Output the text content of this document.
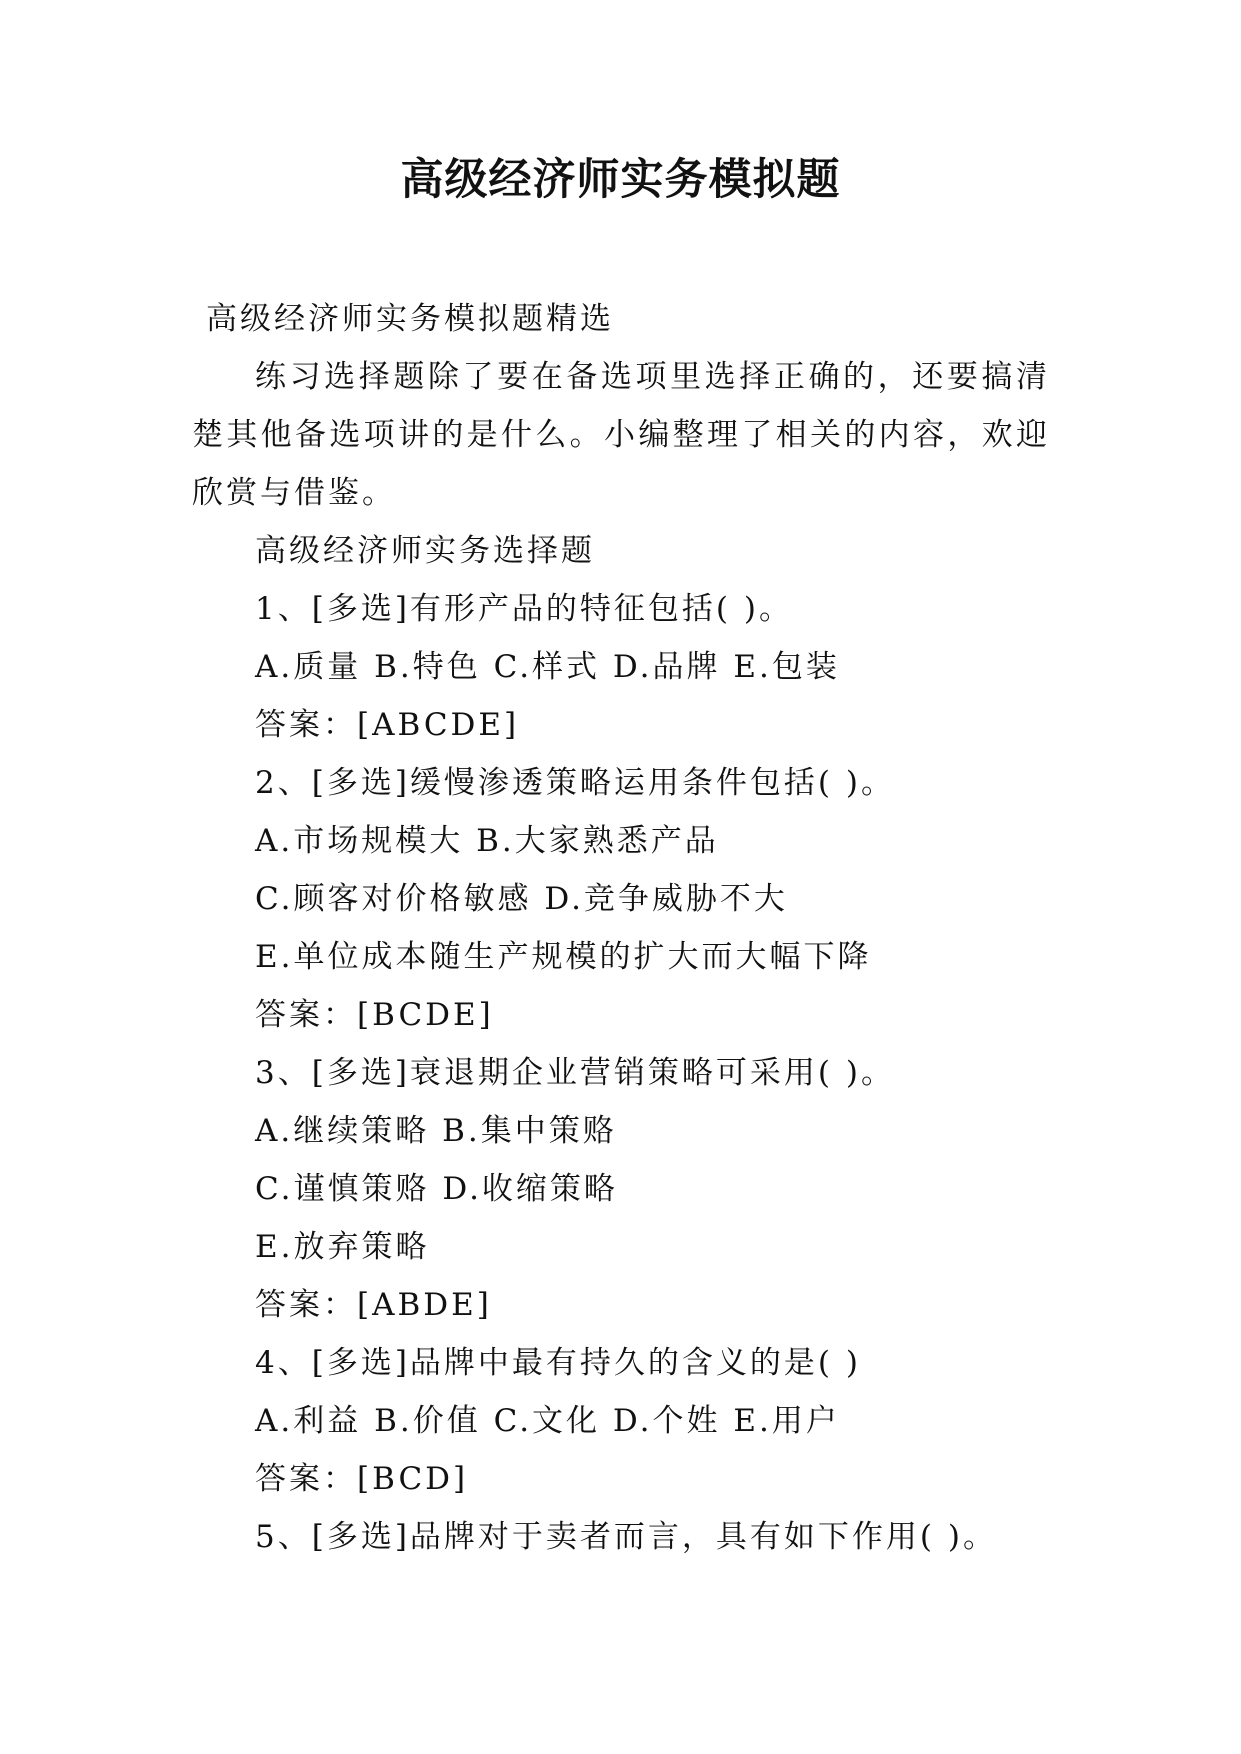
高级经济师实务模拟题

高级经济师实务模拟题精选

练习选择题除了要在备选项里选择正确的，还要搞清楚其他备选项讲的是什么。小编整理了相关的内容，欢迎欣赏与借鉴。

高级经济师实务选择题

1、[多选]有形产品的特征包括( )。

A.质量 B.特色 C.样式 D.品牌 E.包装

答案：[ABCDE]

2、[多选]缓慢渗透策略运用条件包括( )。

A.市场规模大 B.大家熟悉产品

C.顾客对价格敏感 D.竞争威胁不大

E.单位成本随生产规模的扩大而大幅下降

答案：[BCDE]

3、[多选]衰退期企业营销策略可采用( )。

A.继续策略 B.集中策赂

C.谨慎策赂 D.收缩策略

E.放弃策略

答案：[ABDE]

4、[多选]品牌中最有持久的含义的是( )

A.利益 B.价值 C.文化 D.个姓 E.用户

答案：[BCD]

5、[多选]品牌对于卖者而言，具有如下作用( )。
